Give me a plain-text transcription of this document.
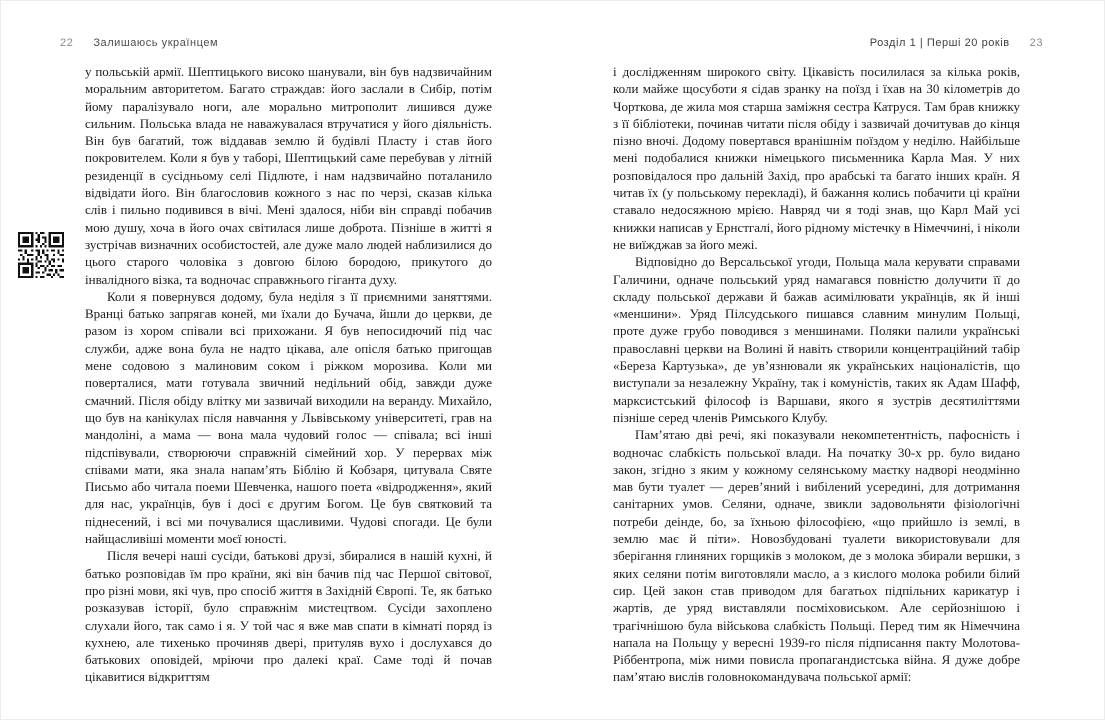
22 Залишаюсь українцем	Розділ 1 | Перші 20 років 23

у польській армії. Шептицького високо шанували, він був надзвичайним моральним авторитетом. Багато страждав: його заслали в Сибір, потім йому паралізувало ноги, але морально митрополит лишився дуже сильним. Польська влада не наважувалася втручатися у його діяльність. Він був багатий, тож віддавав землю й будівлі Пласту і став його покровителем. Коли я був у таборі, Шептицький саме перебував у літній резиденції в сусідньому селі Підлюте, і нам надзвичайно поталанило відвідати його. Він благословив кожного з нас по черзі, сказав кілька слів і пильно подивився в вічі. Мені здалося, ніби він справді побачив мою душу, хоча в його очах світилася лише доброта. Пізніше в житті я зустрічав визначних особистостей, але дуже мало людей наблизилися до цього старого чоловіка з довгою білою бородою, прикутого до інвалідного візка, та водночас справжнього гіганта духу.

Коли я повернувся додому, була неділя з її приємними заняттями. Вранці батько запрягав коней, ми їхали до Бучача, йшли до церкви, де разом із хором співали всі прихожани. Я був непосидючий під час служби, адже вона була не надто цікава, але опісля батько пригощав мене содовою з малиновим соком і ріжком морозива. Коли ми поверталися, мати готувала звичний недільний обід, завжди дуже смачний. Після обіду влітку ми зазвичай виходили на веранду. Михайло, що був на канікулах після навчання у Львівському університеті, грав на мандоліні, а мама — вона мала чудовий голос — співала; всі інші підспівували, створюючи справжній сімейний хор. У перервах між співами мати, яка знала напам’ять Біблію й Кобзаря, цитувала Святе Письмо або читала поеми Шевченка, нашого поета «відродження», який для нас, українців, був і досі є другим Богом. Це був святковий та піднесений, і всі ми почувалися щасливими. Чудові спогади. Це були найщасливіші моменти моєї юності.

Після вечері наші сусіди, батькові друзі, збиралися в нашій кухні, й батько розповідав їм про країни, які він бачив під час Першої світової, про різні мови, які чув, про спосіб життя в Західній Європі. Те, як батько розказував історії, було справжнім мистецтвом. Сусіди захоплено слухали його, так само і я. У той час я вже мав спати в кімнаті поряд із кухнею, але тихенько прочиняв двері, притуляв вухо і дослухався до батькових оповідей, мріючи про далекі краї. Саме тоді й почав цікавитися відкриттям

і дослідженням широкого світу. Цікавість посилилася за кілька років, коли майже щосуботи я сідав зранку на поїзд і їхав на 30 кілометрів до Чорткова, де жила моя старша заміжня сестра Катруся. Там брав книжку з її бібліотеки, починав читати після обіду і зазвичай дочитував до кінця пізно вночі. Додому повертався вранішнім поїздом у неділю. Найбільше мені подобалися книжки німецького письменника Карла Мая. У них розповідалося про дальній Захід, про арабські та багато інших країн. Я читав їх (у польському перекладі), й бажання колись побачити ці країни ставало недосяжною мрією. Навряд чи я тоді знав, що Карл Май усі книжки написав у Ернстгалі, його рідному містечку в Німеччині, і ніколи не виїжджав за його межі.

Відповідно до Версальської угоди, Польща мала керувати справами Галичини, одначе польський уряд намагався повністю долучити її до складу польської держави й бажав асимілювати українців, як й інші «меншини». Уряд Пілсудського пишався славним минулим Польщі, проте дуже грубо поводився з меншинами. Поляки палили українські православні церкви на Волині й навіть створили концентраційний табір «Береза Картузька», де ув’язнювали як українських націоналістів, що виступали за незалежну Україну, так і комуністів, таких як Адам Шафф, марксистський філософ із Варшави, якого я зустрів десятиліттями пізніше серед членів Римського Клубу.

Пам’ятаю дві речі, які показували некомпетентність, пафосність і водночас слабкість польської влади. На початку 30-х рр. було видано закон, згідно з яким у кожному селянському маєтку надворі неодмінно мав бути туалет — дерев’яний і вибілений усередині, для дотримання санітарних умов. Селяни, одначе, звикли задовольняти фізіологічні потреби деінде, бо, за їхньою філософією, «що прийшло із землі, в землю має й піти». Новозбудовані туалети використовували для зберігання глиняних горщиків з молоком, де з молока збирали вершки, з яких селяни потім виготовляли масло, а з кислого молока робили білий сир. Цей закон став приводом для багатьох підпільних карикатур і жартів, де уряд виставляли посміховиськом. Але серйознішою і трагічнішою була військова слабкість Польщі. Перед тим як Німеччина напала на Польщу у вересні 1939-го після підписання пакту Молотова-Ріббентропа, між ними повисла пропагандистська війна. Я дуже добре пам’ятаю вислів головнокомандувача польської армії:
